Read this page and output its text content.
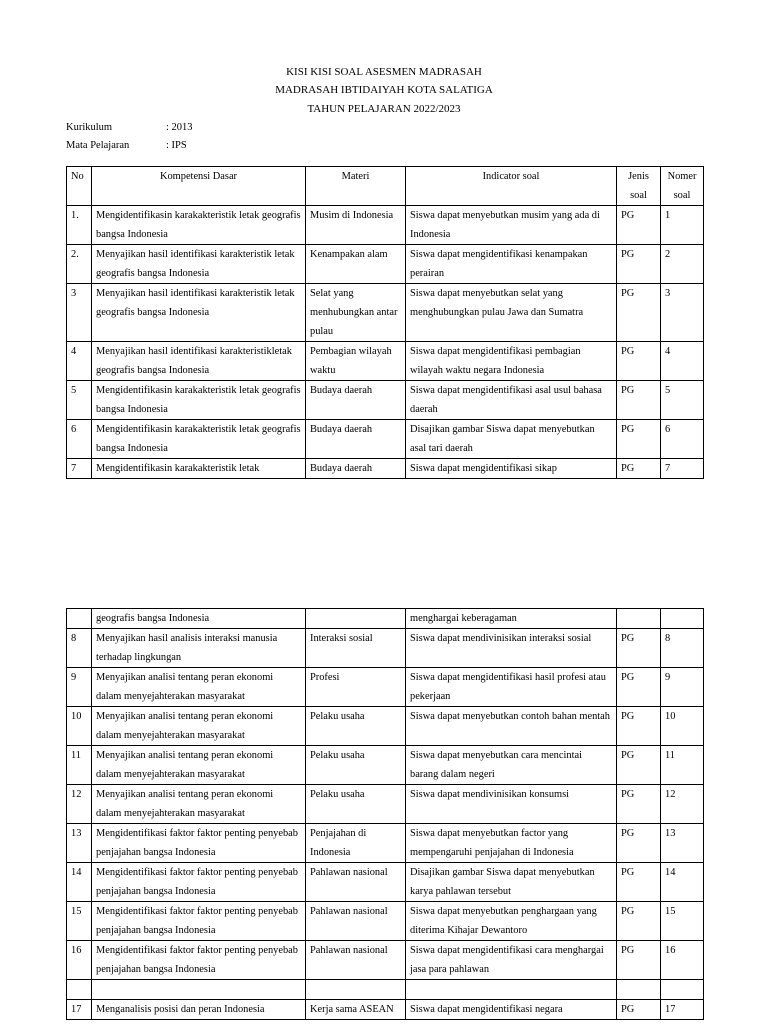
KISI KISI SOAL ASESMEN MADRASAH
MADRASAH IBTIDAIYAH KOTA SALATIGA
TAHUN PELAJARAN 2022/2023
Kurikulum	: 2013
Mata Pelajaran	: IPS
No	Kompetensi Dasar	Materi	Indicator soal	Jenis soal	Nomer soal
1.	Mengidentifikasin karakakteristik letak geografis bangsa Indonesia	Musim di Indonesia	Siswa dapat menyebutkan musim yang ada di Indonesia	PG	1
2.	Menyajikan hasil identifikasi karakteristik letak geografis bangsa Indonesia	Kenampakan alam	Siswa dapat mengidentifikasi kenampakan perairan	PG	2
3	Menyajikan hasil identifikasi karakteristik letak geografis bangsa Indonesia	Selat yang menhubungkan antar pulau	Siswa dapat menyebutkan selat yang menghubungkan pulau Jawa dan Sumatra	PG	3
4	Menyajikan hasil identifikasi karakteristikletak geografis bangsa Indonesia	Pembagian wilayah waktu	Siswa dapat mengidentifikasi pembagian wilayah waktu negara Indonesia	PG	4
5	Mengidentifikasin karakakteristik letak geografis bangsa Indonesia	Budaya daerah	Siswa dapat mengidentifikasi asal usul bahasa daerah	PG	5
6	Mengidentifikasin karakakteristik letak geografis bangsa Indonesia	Budaya daerah	Disajikan gambar Siswa dapat menyebutkan asal tari daerah	PG	6
7	Mengidentifikasin karakakteristik letak	Budaya daerah	Siswa dapat mengidentifikasi sikap	PG	7
	geografis bangsa Indonesia		menghargai keberagaman		
8	Menyajikan hasil analisis interaksi manusia terhadap lingkungan	Interaksi sosial	Siswa dapat mendivinisikan interaksi sosial	PG	8
9	Menyajikan analisi tentang peran ekonomi dalam menyejahterakan masyarakat	Profesi	Siswa dapat mengidentifikasi hasil profesi atau pekerjaan	PG	9
10	Menyajikan analisi tentang peran ekonomi dalam menyejahterakan masyarakat	Pelaku usaha	Siswa dapat menyebutkan contoh bahan mentah	PG	10
11	Menyajikan analisi tentang peran ekonomi dalam menyejahterakan masyarakat	Pelaku usaha	Siswa dapat menyebutkan cara mencintai barang dalam negeri	PG	11
12	Menyajikan analisi tentang peran ekonomi dalam menyejahterakan masyarakat	Pelaku usaha	Siswa dapat mendivinisikan konsumsi	PG	12
13	Mengidentifikasi faktor faktor penting penyebab penjajahan bangsa Indonesia	Penjajahan di Indonesia	Siswa dapat menyebutkan factor yang mempengaruhi penjajahan di Indonesia	PG	13
14	Mengidentifikasi faktor faktor penting penyebab penjajahan bangsa Indonesia	Pahlawan nasional	Disajikan gambar Siswa dapat menyebutkan karya pahlawan tersebut	PG	14
15	Mengidentifikasi faktor faktor penting penyebab penjajahan bangsa Indonesia	Pahlawan nasional	Siswa dapat menyebutkan penghargaan yang diterima Kihajar Dewantoro	PG	15
16	Mengidentifikasi faktor faktor penting penyebab penjajahan bangsa Indonesia	Pahlawan nasional	Siswa dapat mengidentifikasi cara menghargai jasa para pahlawan	PG	16

17	Menganalisis posisi dan peran Indonesia	Kerja sama ASEAN	Siswa dapat mengidentifikasi negara	PG	17
